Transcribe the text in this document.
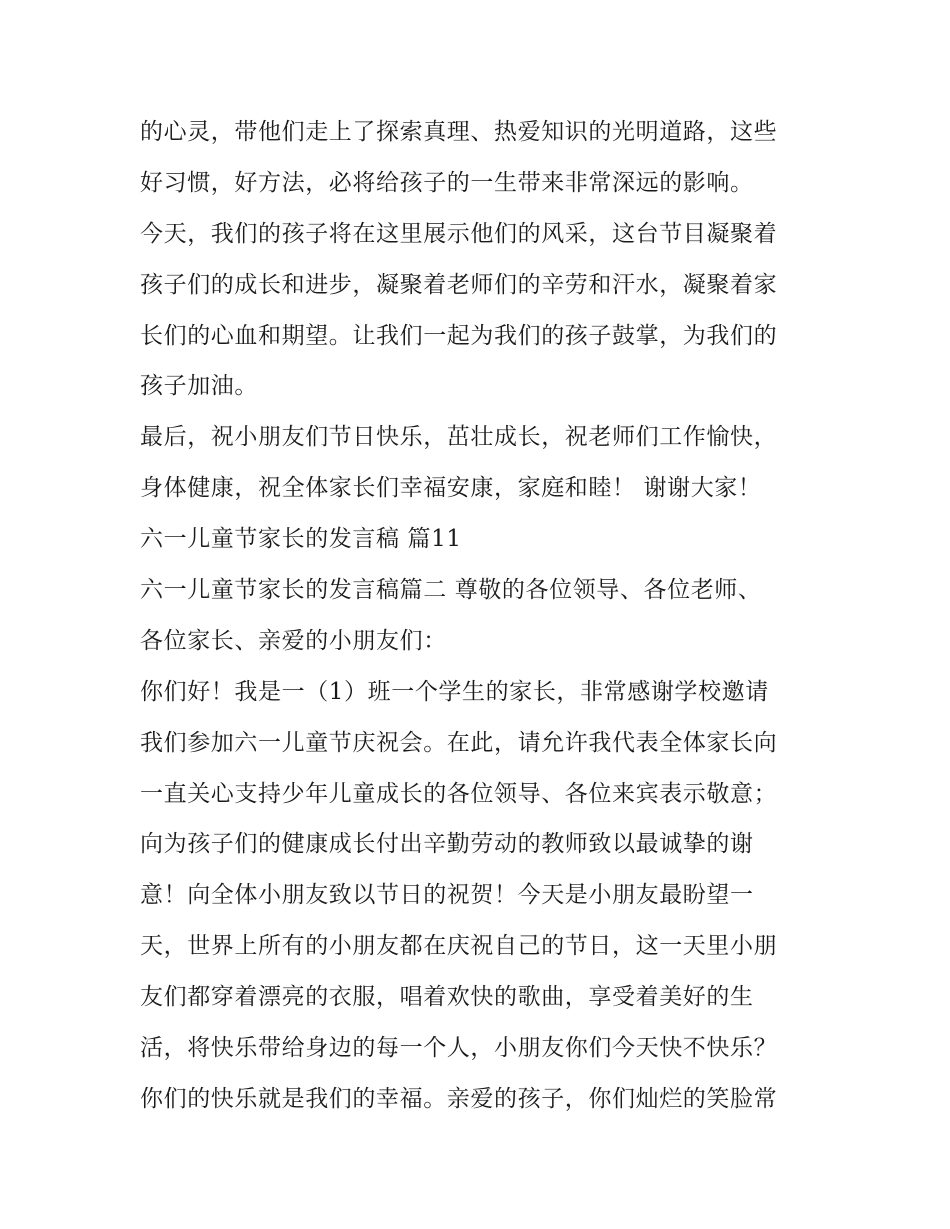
的心灵，带他们走上了探索真理、热爱知识的光明道路，这些
好习惯，好方法，必将给孩子的一生带来非常深远的影响。
今天，我们的孩子将在这里展示他们的风采，这台节目凝聚着
孩子们的成长和进步，凝聚着老师们的辛劳和汗水，凝聚着家
长们的心血和期望。让我们一起为我们的孩子鼓掌，为我们的
孩子加油。
最后，祝小朋友们节日快乐，茁壮成长，祝老师们工作愉快，
身体健康，祝全体家长们幸福安康，家庭和睦！ 谢谢大家！
六一儿童节家长的发言稿 篇11
六一儿童节家长的发言稿篇二 尊敬的各位领导、各位老师、
各位家长、亲爱的小朋友们：
你们好！我是一（1）班一个学生的家长，非常感谢学校邀请
我们参加六一儿童节庆祝会。在此，请允许我代表全体家长向
一直关心支持少年儿童成长的各位领导、各位来宾表示敬意；
向为孩子们的健康成长付出辛勤劳动的教师致以最诚挚的谢
意！向全体小朋友致以节日的祝贺！今天是小朋友最盼望一
天，世界上所有的小朋友都在庆祝自己的节日，这一天里小朋
友们都穿着漂亮的衣服，唱着欢快的歌曲，享受着美好的生
活，将快乐带给身边的每一个人，小朋友你们今天快不快乐？
你们的快乐就是我们的幸福。亲爱的孩子，你们灿烂的笑脸常
